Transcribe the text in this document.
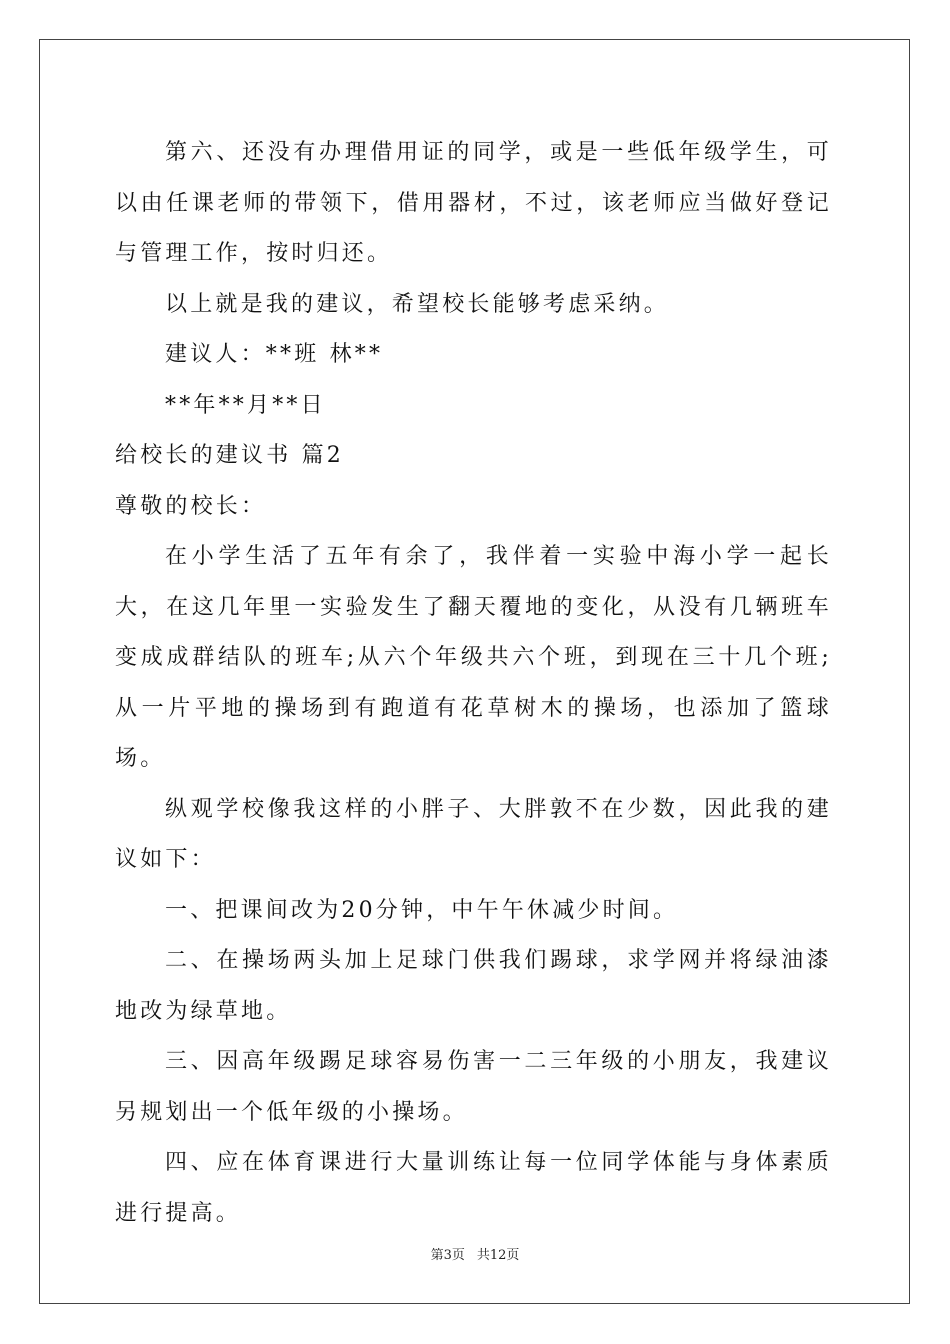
第六、还没有办理借用证的同学，或是一些低年级学生，可以由任课老师的带领下，借用器材，不过，该老师应当做好登记与管理工作，按时归还。

以上就是我的建议，希望校长能够考虑采纳。

建议人：**班 林**

**年**月**日

给校长的建议书 篇2

尊敬的校长：

在小学生活了五年有余了，我伴着一实验中海小学一起长大，在这几年里一实验发生了翻天覆地的变化，从没有几辆班车变成成群结队的班车;从六个年级共六个班，到现在三十几个班;从一片平地的操场到有跑道有花草树木的操场，也添加了篮球场。

纵观学校像我这样的小胖子、大胖敦不在少数，因此我的建议如下：

一、把课间改为20分钟，中午午休减少时间。

二、在操场两头加上足球门供我们踢球，求学网并将绿油漆地改为绿草地。

三、因高年级踢足球容易伤害一二三年级的小朋友，我建议另规划出一个低年级的小操场。

四、应在体育课进行大量训练让每一位同学体能与身体素质进行提高。

第3页 共12页
